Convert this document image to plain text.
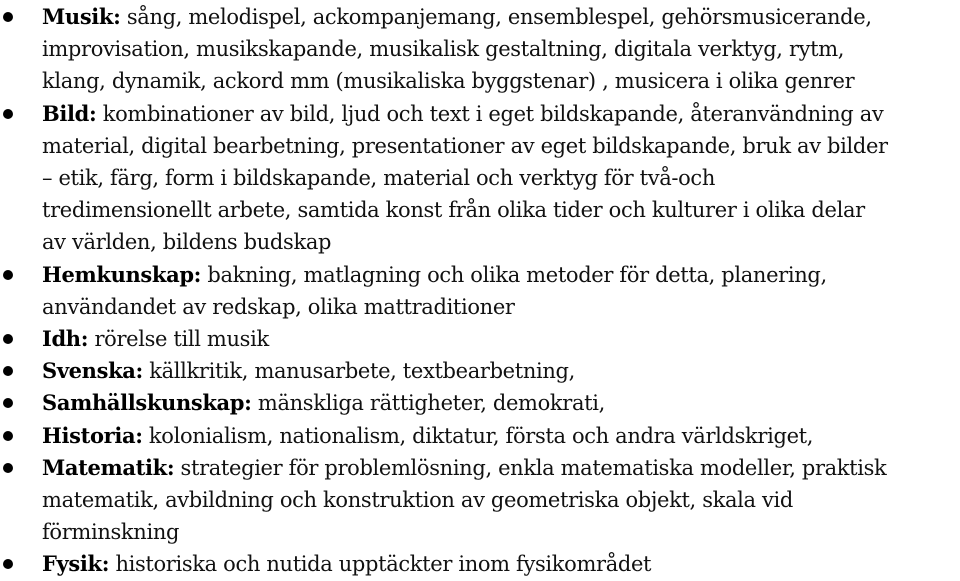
Musik: sång, melodispel, ackompanjemang, ensemblespel, gehörsmusicerande,
improvisation, musikskapande, musikalisk gestaltning, digitala verktyg, rytm,
klang, dynamik, ackord mm (musikaliska byggstenar) , musicera i olika genrer
Bild: kombinationer av bild, ljud och text i eget bildskapande, återanvändning av
material, digital bearbetning, presentationer av eget bildskapande, bruk av bilder
– etik, färg, form i bildskapande, material och verktyg för två-och
tredimensionellt arbete, samtida konst från olika tider och kulturer i olika delar
av världen, bildens budskap
Hemkunskap: bakning, matlagning och olika metoder för detta, planering,
användandet av redskap, olika mattraditioner
Idh: rörelse till musik
Svenska: källkritik, manusarbete, textbearbetning,
Samhällskunskap: mänskliga rättigheter, demokrati,
Historia: kolonialism, nationalism, diktatur, första och andra världskriget,
Matematik: strategier för problemlösning, enkla matematiska modeller, praktisk
matematik, avbildning och konstruktion av geometriska objekt, skala vid
förminskning
Fysik: historiska och nutida upptäckter inom fysikområdet
